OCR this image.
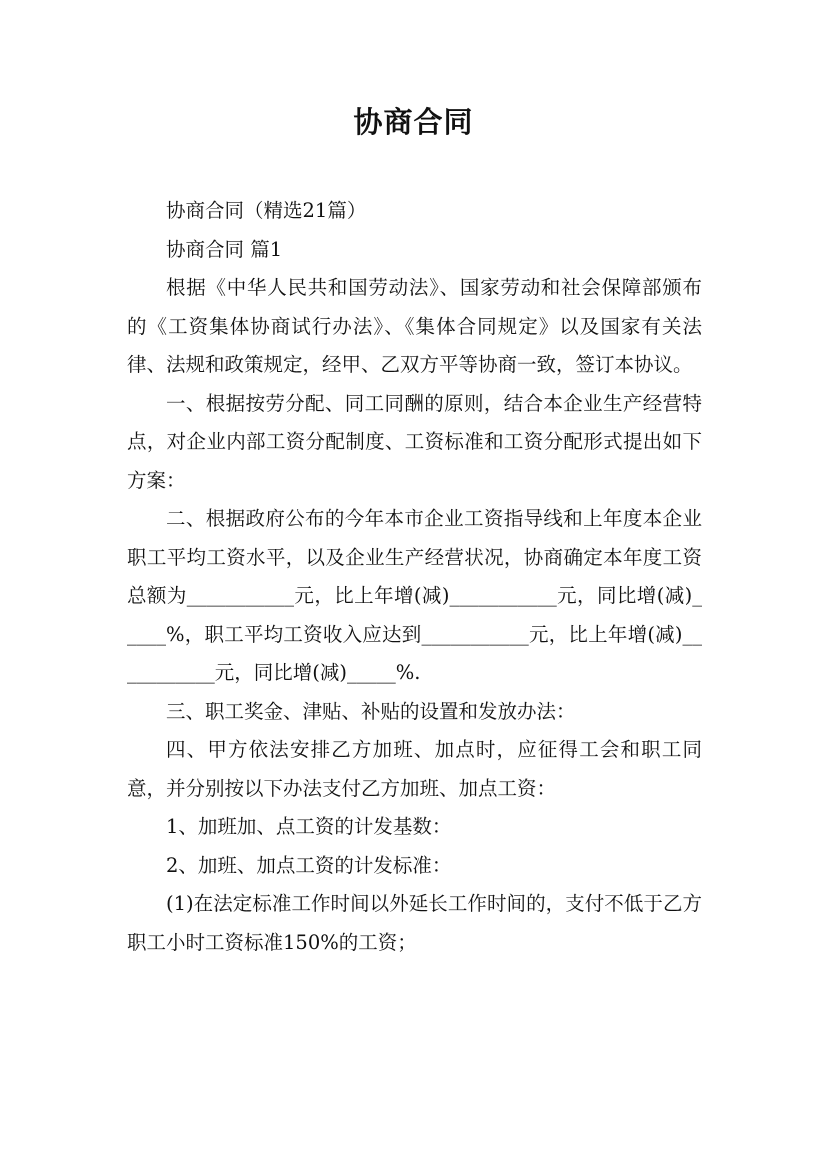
协商合同

协商合同（精选21篇）

协商合同 篇1

根据《中华人民共和国劳动法》、国家劳动和社会保障部颁布的《工资集体协商试行办法》、《集体合同规定》以及国家有关法律、法规和政策规定，经甲、乙双方平等协商一致，签订本协议。

一、根据按劳分配、同工同酬的原则，结合本企业生产经营特点，对企业内部工资分配制度、工资标准和工资分配形式提出如下方案：

二、根据政府公布的今年本市企业工资指导线和上年度本企业职工平均工资水平，以及企业生产经营状况，协商确定本年度工资总额为___________元，比上年增(减)___________元，同比增(减)_____%，职工平均工资收入应达到___________元，比上年增(减)___________元，同比增(减)_____%.

三、职工奖金、津贴、补贴的设置和发放办法：

四、甲方依法安排乙方加班、加点时，应征得工会和职工同意，并分别按以下办法支付乙方加班、加点工资：

1、加班加、点工资的计发基数：

2、加班、加点工资的计发标准：

(1)在法定标准工作时间以外延长工作时间的，支付不低于乙方职工小时工资标准150%的工资；
